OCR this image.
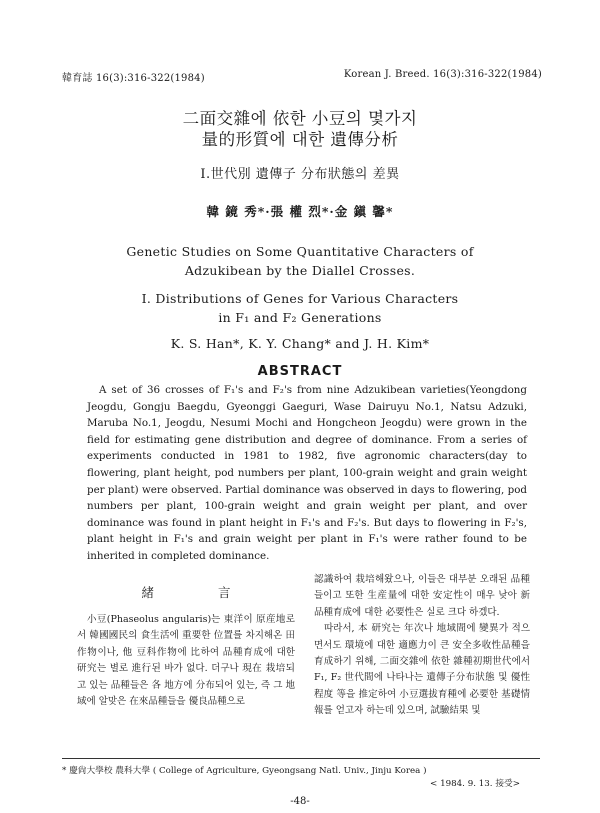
韓育誌 16(3):316-322(1984)	Korean J. Breed. 16(3):316-322(1984)
二面交雜에 依한 小豆의 몇가지
量的形質에 대한 遺傳分析
Ⅰ.世代別 遺傳子 分布狀態의 差異
韓 鏡 秀*·張 權 烈*·金 鎭 馨*
Genetic Studies on Some Quantitative Characters of
Adzukibean by the Diallel Crosses.
Ⅰ. Distributions of Genes for Various Characters
in F₁ and F₂ Generations
K. S. Han*, K. Y. Chang* and J. H. Kim*
ABSTRACT
A set of 36 crosses of F₁'s and F₂'s from nine Adzukibean varieties(Yeongdong Jeogdu, Gongju Baegdu, Gyeonggi Gaeguri, Wase Dairuyu No.1, Natsu Adzuki, Maruba No.1, Jeogdu, Nesumi Mochi and Hongcheon Jeogdu) were grown in the field for estimating gene distribution and degree of dominance. From a series of experiments conducted in 1981 to 1982, five agronomic characters(day to flowering, plant height, pod numbers per plant, 100-grain weight and grain weight per plant) were observed. Partial dominance was observed in days to flowering, pod numbers per plant, 100-grain weight and grain weight per plant, and over dominance was found in plant height in F₁'s and F₂'s. But days to flowering in F₂'s, plant height in F₁'s and grain weight per plant in F₁'s were rather found to be inherited in completed dominance.
緒 言

小豆(Phaseolus angularis)는 東洋이 原産地로서 韓國國民의 食生活에 重要한 位置를 차지해온 田作物이나, 他 豆科作物에 比하여 品種育成에 대한 研究는 별로 進行된 바가 없다. 더구나 現在 栽培되고 있는 品種들은 各 地方에 分布되어 있는, 즉 그 地域에 알맞은 在來品種들을 優良品種으로

認識하여 栽培해왔으나, 이들은 대부분 오래된 品種들이고 또한 生産量에 대한 安定性이 매우 낮아 新 品種育成에 대한 必要性은 실로 크다 하겠다.

따라서, 本 研究는 年次나 地域間에 變異가 적으면서도 環境에 대한 適應力이 큰 安全多收性品種을 育成하기 위해, 二面交雜에 依한 雜種初期世代에서 F₁, F₂ 世代間에 나타나는 遺傳子分布狀態 및 優性程度 等을 推定하여 小豆選拔育種에 必要한 基礎情報를 얻고자 하는데 있으며, 試驗結果 및

* 慶尙大學校 農科大學 ( College of Agriculture, Gyeongsang Natl. Univ., Jinju Korea )
< 1984. 9. 13. 接受>
-48-
